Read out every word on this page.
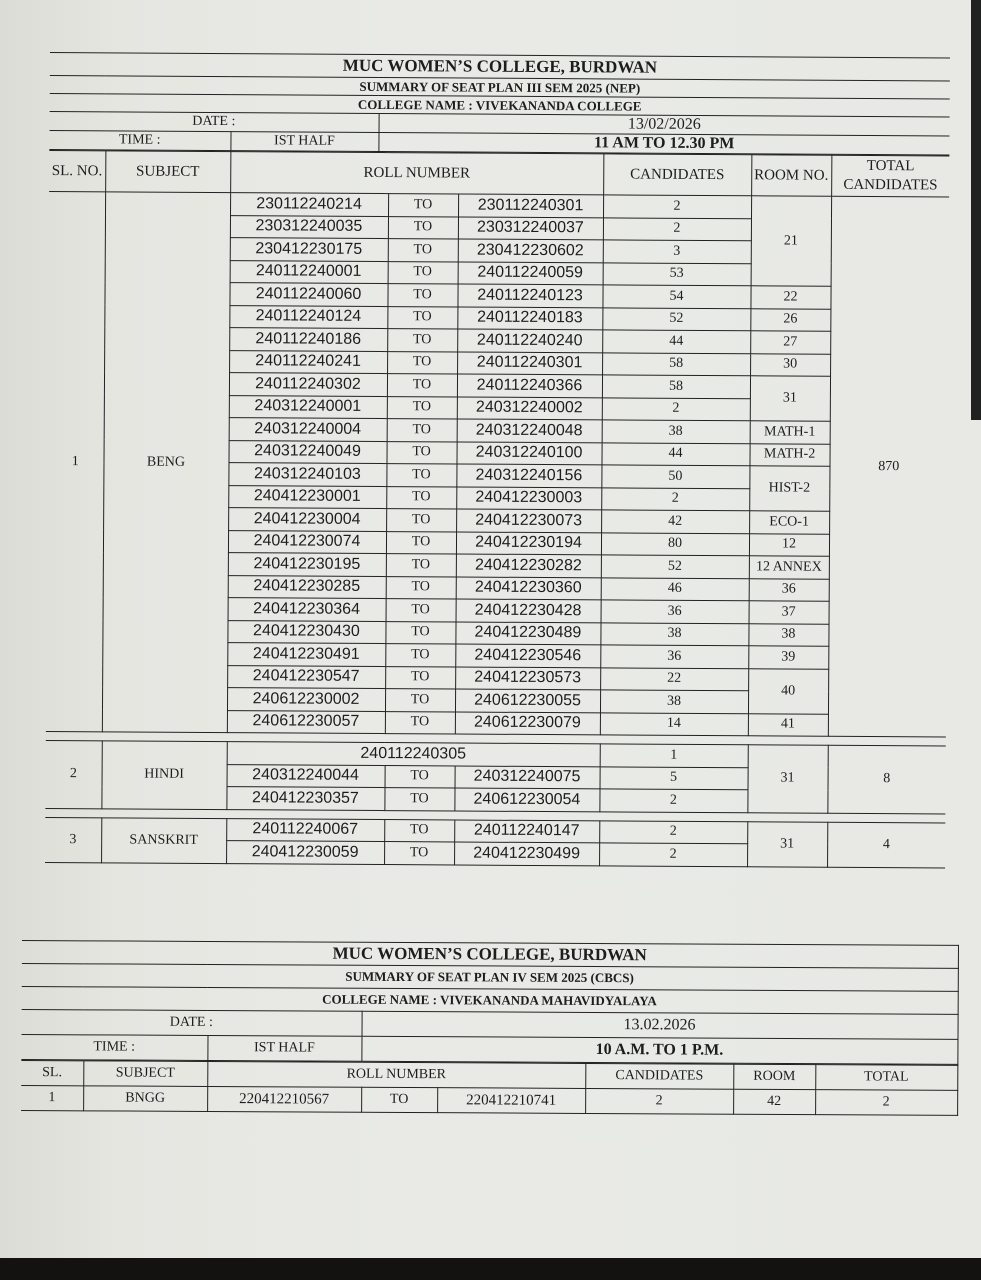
MUC WOMEN’S COLLEGE, BURDWAN		
SUMMARY OF SEAT PLAN III SEM 2025 (NEP)		
COLLEGE NAME : VIVEKANANDA COLLEGE		
DATE :		13/02/2026
TIME :	IST HALF	11 AM TO 12.30 PM
SL. NO.	SUBJECT	ROLL NUMBER			CANDIDATES	ROOM NO.	TOTAL CANDIDATES
1	BENG	230112240214	TO	230112240301	2	21	870
		230312240035	TO	230312240037	2		
		230412230175	TO	230412230602	3		
		240112240001	TO	240112240059	53		
		240112240060	TO	240112240123	54	22	
		240112240124	TO	240112240183	52	26	
		240112240186	TO	240112240240	44	27	
		240112240241	TO	240112240301	58	30	
		240112240302	TO	240112240366	58	31	
		240312240001	TO	240312240002	2		
		240312240004	TO	240312240048	38	MATH-1	
		240312240049	TO	240312240100	44	MATH-2	
		240312240103	TO	240312240156	50	HIST-2	
		240412230001	TO	240412230003	2		
		240412230004	TO	240412230073	42	ECO-1	
		240412230074	TO	240412230194	80	12	
		240412230195	TO	240412230282	52	12 ANNEX	
		240412230285	TO	240412230360	46	36	
		240412230364	TO	240412230428	36	37	
		240412230430	TO	240412230489	38	38	
		240412230491	TO	240412230546	36	39	
		240412230547	TO	240412230573	22	40	
		240612230002	TO	240612230055	38		
		240612230057	TO	240612230079	14	41	

2	HINDI	240112240305			1	31	8
		240312240044	TO	240312240075	5		
		240412230357	TO	240612230054	2		

3	SANSKRIT	240112240067	TO	240112240147	2	31	4
		240412230059	TO	240412230499	2		
MUC WOMEN’S COLLEGE, BURDWAN		
SUMMARY OF SEAT PLAN IV SEM 2025 (CBCS)		
COLLEGE NAME : VIVEKANANDA MAHAVIDYALAYA		
DATE :		13.02.2026
TIME :	IST HALF	10 A.M. TO 1 P.M.
SL.	SUBJECT	ROLL NUMBER			CANDIDATES	ROOM	TOTAL
1	BNGG	220412210567	TO	220412210741	2	42	2
